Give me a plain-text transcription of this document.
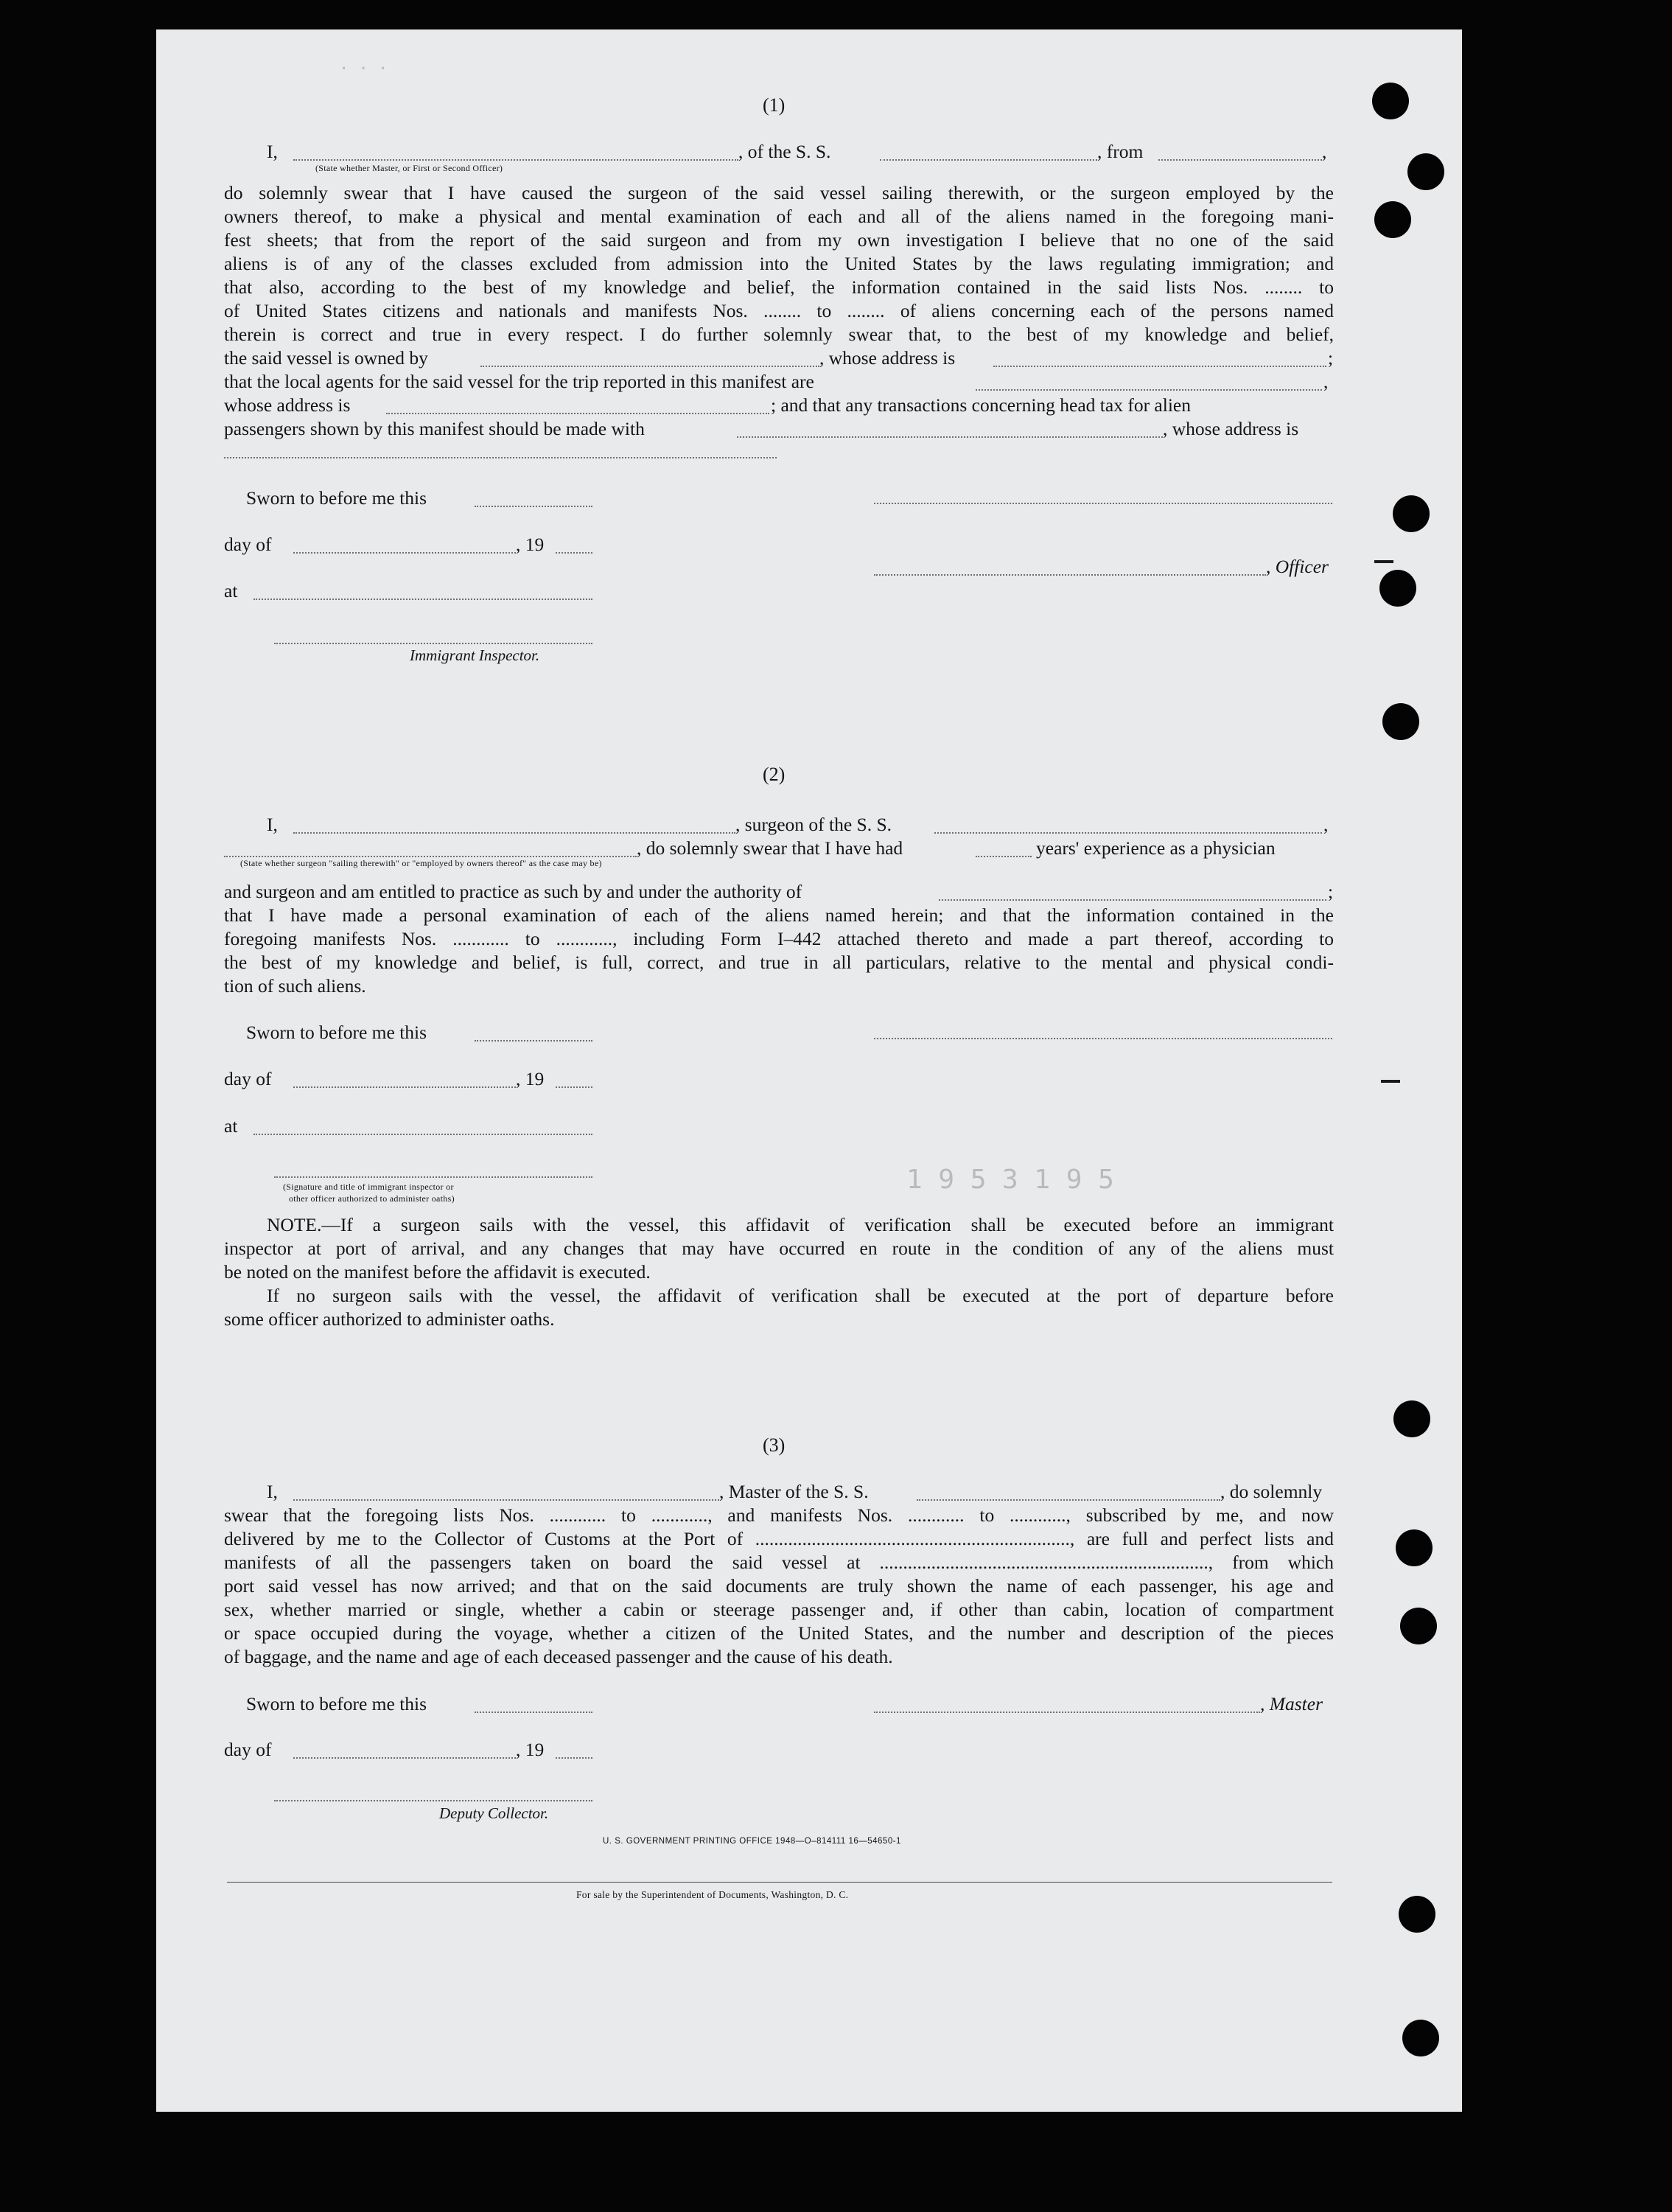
. . .
1 9 5 3 1 9 5
(1)
I,	, of the S. S.	, from	,
(State whether Master, or First or Second Officer)
do solemnly swear that I have caused the surgeon of the said vessel sailing therewith, or the surgeon employed by the
owners thereof, to make a physical and mental examination of each and all of the aliens named in the foregoing mani-
fest sheets; that from the report of the said surgeon and from my own investigation I believe that no one of the said
aliens is of any of the classes excluded from admission into the United States by the laws regulating immigration; and
that also, according to the best of my knowledge and belief, the information contained in the said lists Nos. ........ to
of United States citizens and nationals and manifests Nos. ........ to ........ of aliens concerning each of the persons named
therein is correct and true in every respect. I do further solemnly swear that, to the best of my knowledge and belief,
the said vessel is owned by	, whose address is	;
that the local agents for the said vessel for the trip reported in this manifest are	,
whose address is	; and that any transactions concerning head tax for alien
passengers shown by this manifest should be made with	, whose address is
Sworn to before me this
day of	, 19
, Officer
at
Immigrant Inspector.
(2)
I,	, surgeon of the S. S.	,
, do solemnly swear that I have had	years' experience as a physician
(State whether surgeon "sailing therewith" or "employed by owners thereof" as the case may be)
and surgeon and am entitled to practice as such by and under the authority of	;
that I have made a personal examination of each of the aliens named herein; and that the information contained in the
foregoing manifests Nos. ............ to ............, including Form I–442 attached thereto and made a part thereof, according to
the best of my knowledge and belief, is full, correct, and true in all particulars, relative to the mental and physical condi-
tion of such aliens.
Sworn to before me this
day of	, 19
at
(Signature and title of immigrant inspector or
other officer authorized to administer oaths)
NOTE.—If a surgeon sails with the vessel, this affidavit of verification shall be executed before an immigrant
inspector at port of arrival, and any changes that may have occurred en route in the condition of any of the aliens must
be noted on the manifest before the affidavit is executed.
If no surgeon sails with the vessel, the affidavit of verification shall be executed at the port of departure before
some officer authorized to administer oaths.
(3)
I,	, Master of the S. S.	, do solemnly
swear that the foregoing lists Nos. ............ to ............, and manifests Nos. ............ to ............, subscribed by me, and now
delivered by me to the Collector of Customs at the Port of ..................................................................., are full and perfect lists and
manifests of all the passengers taken on board the said vessel at ......................................................................, from which
port said vessel has now arrived; and that on the said documents are truly shown the name of each passenger, his age and
sex, whether married or single, whether a cabin or steerage passenger and, if other than cabin, location of compartment
or space occupied during the voyage, whether a citizen of the United States, and the number and description of the pieces
of baggage, and the name and age of each deceased passenger and the cause of his death.
Sworn to before me this	, Master
day of	, 19
Deputy Collector.
U. S. GOVERNMENT PRINTING OFFICE 1948—O–814111 16—54650-1
For sale by the Superintendent of Documents, Washington, D. C.
